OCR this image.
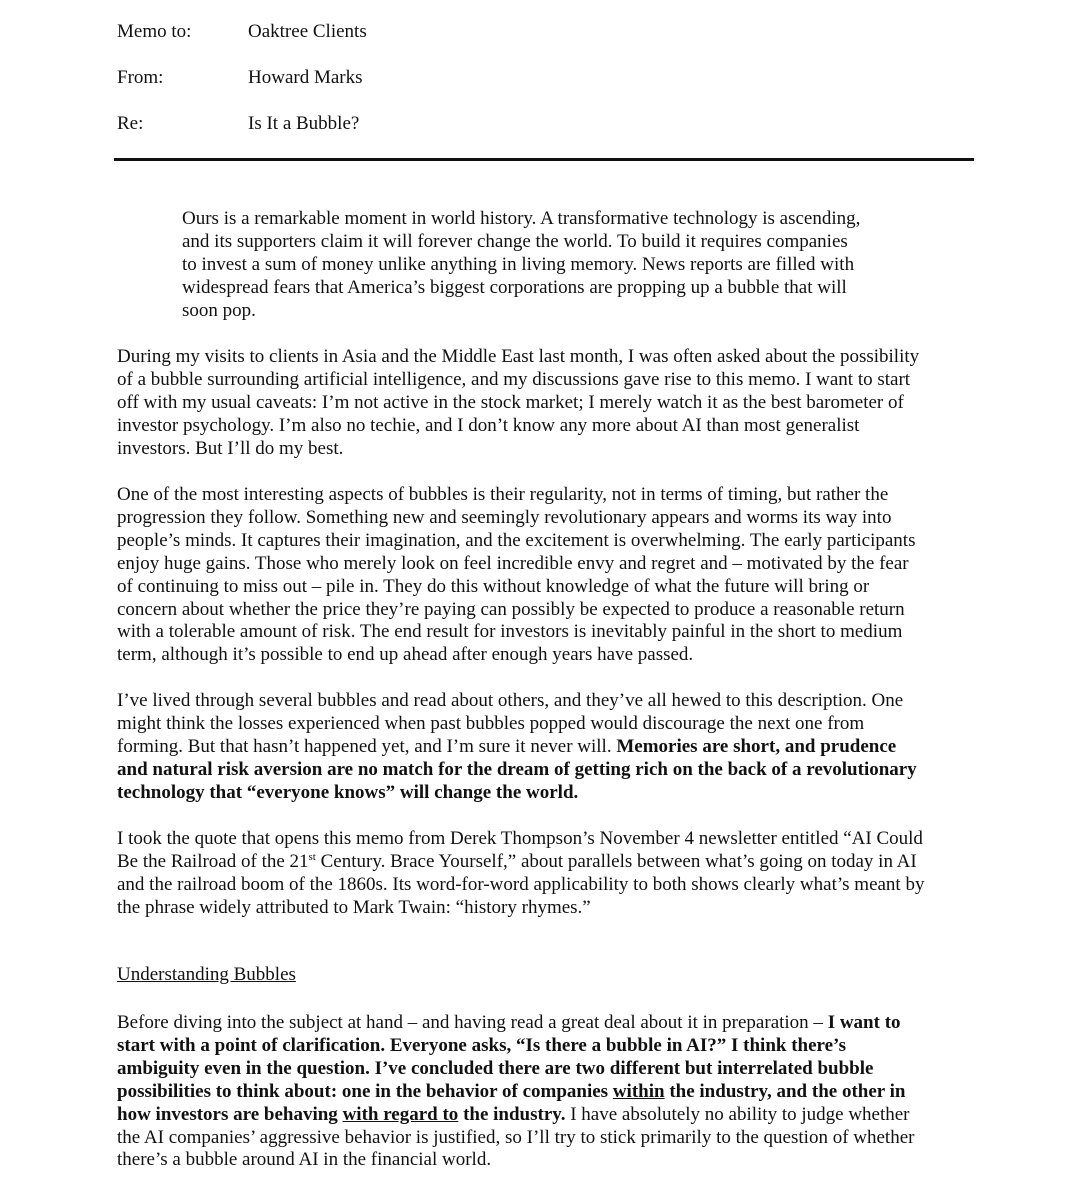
Memo to:	Oaktree Clients
From:	Howard Marks
Re:	Is It a Bubble?
Ours is a remarkable moment in world history. A transformative technology is ascending,
and its supporters claim it will forever change the world. To build it requires companies
to invest a sum of money unlike anything in living memory. News reports are filled with
widespread fears that America’s biggest corporations are propping up a bubble that will
soon pop.
During my visits to clients in Asia and the Middle East last month, I was often asked about the possibility
of a bubble surrounding artificial intelligence, and my discussions gave rise to this memo. I want to start
off with my usual caveats: I’m not active in the stock market; I merely watch it as the best barometer of
investor psychology. I’m also no techie, and I don’t know any more about AI than most generalist
investors. But I’ll do my best.
One of the most interesting aspects of bubbles is their regularity, not in terms of timing, but rather the
progression they follow. Something new and seemingly revolutionary appears and worms its way into
people’s minds. It captures their imagination, and the excitement is overwhelming. The early participants
enjoy huge gains. Those who merely look on feel incredible envy and regret and – motivated by the fear
of continuing to miss out – pile in. They do this without knowledge of what the future will bring or
concern about whether the price they’re paying can possibly be expected to produce a reasonable return
with a tolerable amount of risk. The end result for investors is inevitably painful in the short to medium
term, although it’s possible to end up ahead after enough years have passed.
I’ve lived through several bubbles and read about others, and they’ve all hewed to this description. One
might think the losses experienced when past bubbles popped would discourage the next one from
forming. But that hasn’t happened yet, and I’m sure it never will. Memories are short, and prudence
and natural risk aversion are no match for the dream of getting rich on the back of a revolutionary
technology that “everyone knows” will change the world.
I took the quote that opens this memo from Derek Thompson’s November 4 newsletter entitled “AI Could
Be the Railroad of the 21st Century. Brace Yourself,” about parallels between what’s going on today in AI
and the railroad boom of the 1860s. Its word-for-word applicability to both shows clearly what’s meant by
the phrase widely attributed to Mark Twain: “history rhymes.”
Understanding Bubbles
Before diving into the subject at hand – and having read a great deal about it in preparation – I want to
start with a point of clarification. Everyone asks, “Is there a bubble in AI?” I think there’s
ambiguity even in the question. I’ve concluded there are two different but interrelated bubble
possibilities to think about: one in the behavior of companies within the industry, and the other in
how investors are behaving with regard to the industry. I have absolutely no ability to judge whether
the AI companies’ aggressive behavior is justified, so I’ll try to stick primarily to the question of whether
there’s a bubble around AI in the financial world.
